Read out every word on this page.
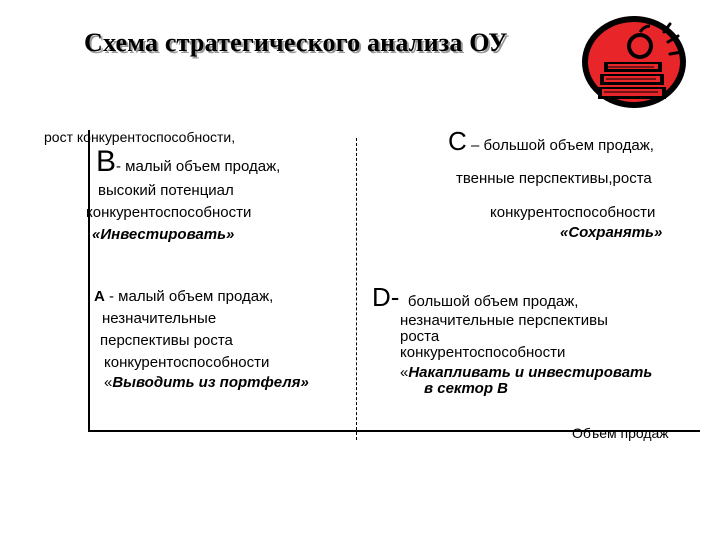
Схема стратегического анализа ОУ
рост конкурентоспособности,
Объем продаж
B- малый объем продаж,
высокий потенциал
конкурентоспособности
«Инвестировать»
C – большой объем продаж,
твенные перспективы,роста
конкурентоспособности
«Сохранять»
А - малый объем продаж,
незначительные
перспективы роста
конкурентоспособности
«Выводить из портфеля»
D- большой объем продаж,
незначительные перспективы
роста
конкурентоспособности
«Накапливать и инвестировать
в сектор В
